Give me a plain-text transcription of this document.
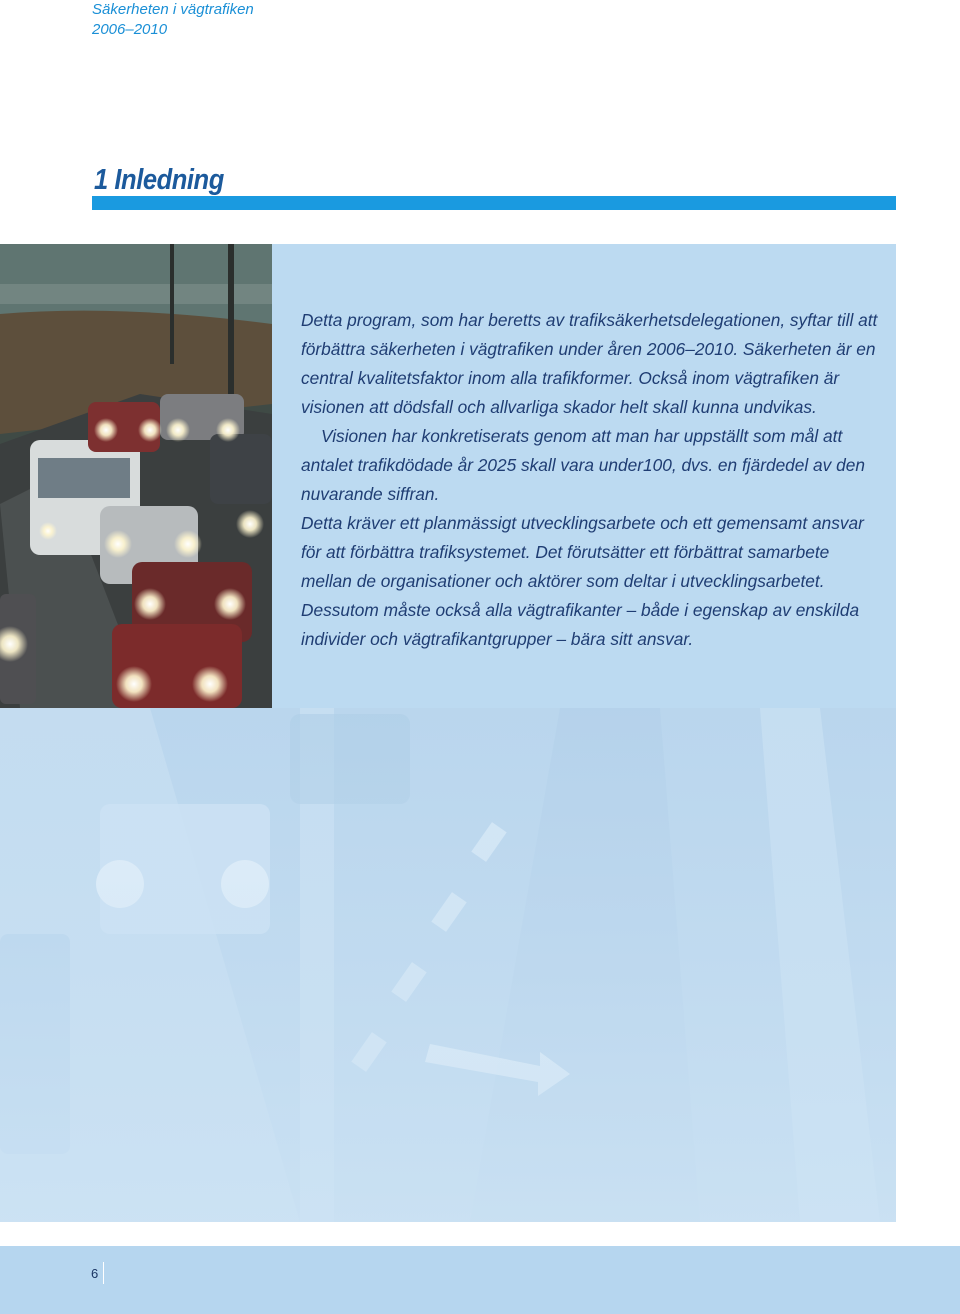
Säkerheten i vägtrafiken
2006–2010
1 Inledning

Detta program, som har beretts av trafiksäkerhetsdelegationen, syftar till att förbättra säkerheten i vägtrafiken under åren 2006–2010. Säkerheten är en central kvalitetsfaktor inom alla trafikformer. Också inom vägtrafiken är visionen att dödsfall och allvarliga skador helt skall kunna undvikas.

Visionen har konkretiserats genom att man har uppställt som mål att antalet trafikdödade år 2025 skall vara under100, dvs. en fjärdedel av den nuvarande siffran.

Detta kräver ett planmässigt utvecklingsarbete och ett gemensamt ansvar för att förbättra trafiksystemet. Det förutsätter ett förbättrat samarbete mellan de organisationer och aktörer som deltar i utvecklingsarbetet. Dessutom måste också alla vägtrafikanter – både i egenskap av enskilda individer och vägtrafikantgrupper – bära sitt ansvar.

6
